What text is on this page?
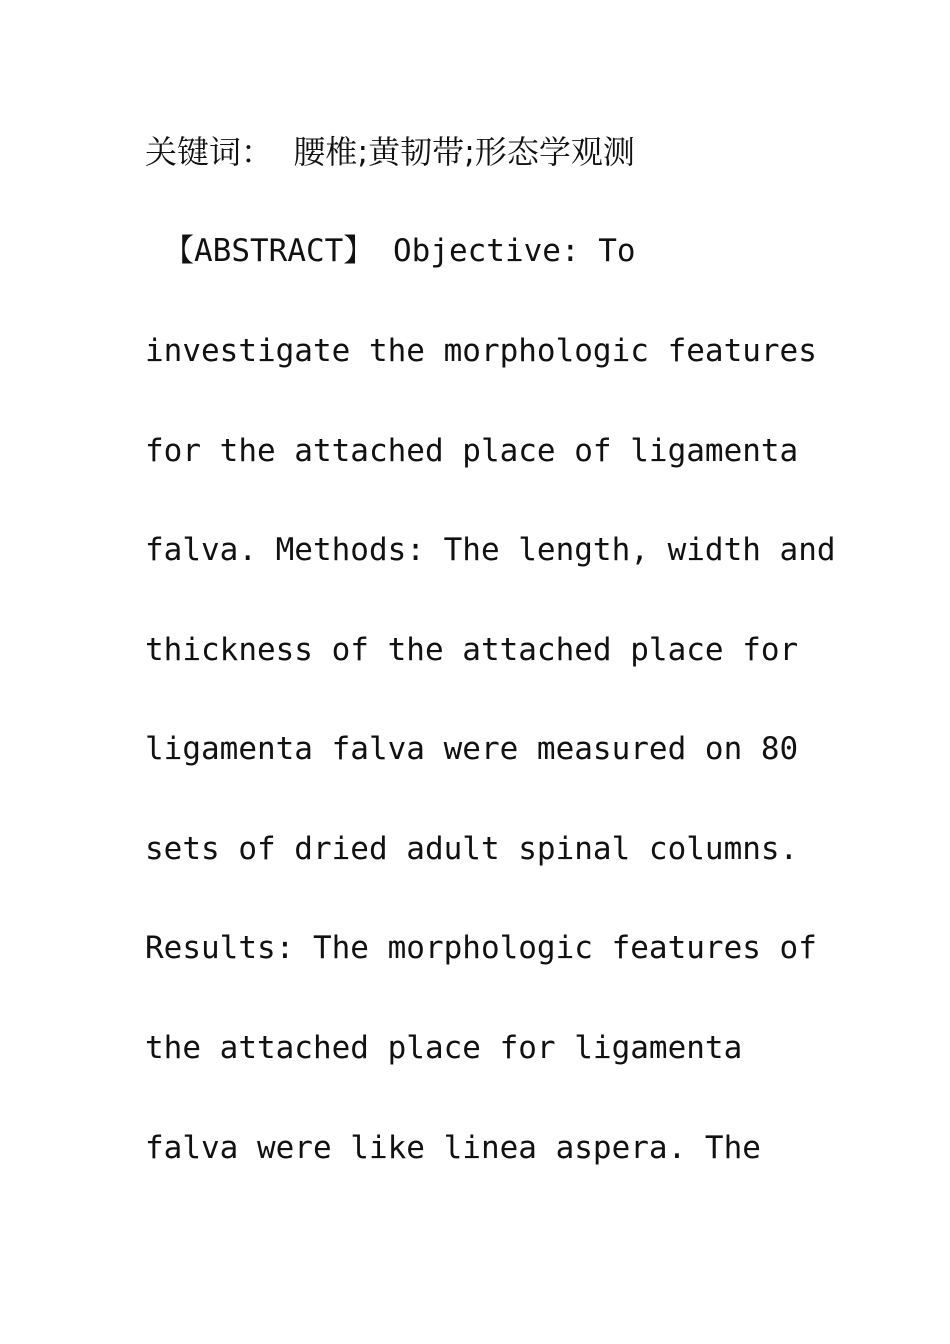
关键词：  腰椎;黄韧带;形态学观测

【ABSTRACT】 Objective: To

investigate the morphologic features

for the attached place of ligamenta

falva. Methods: The length, width and

thickness of the attached place for

ligamenta falva were measured on 80

sets of dried adult spinal columns.

Results: The morphologic features of

the attached place for ligamenta

falva were like linea aspera. The
